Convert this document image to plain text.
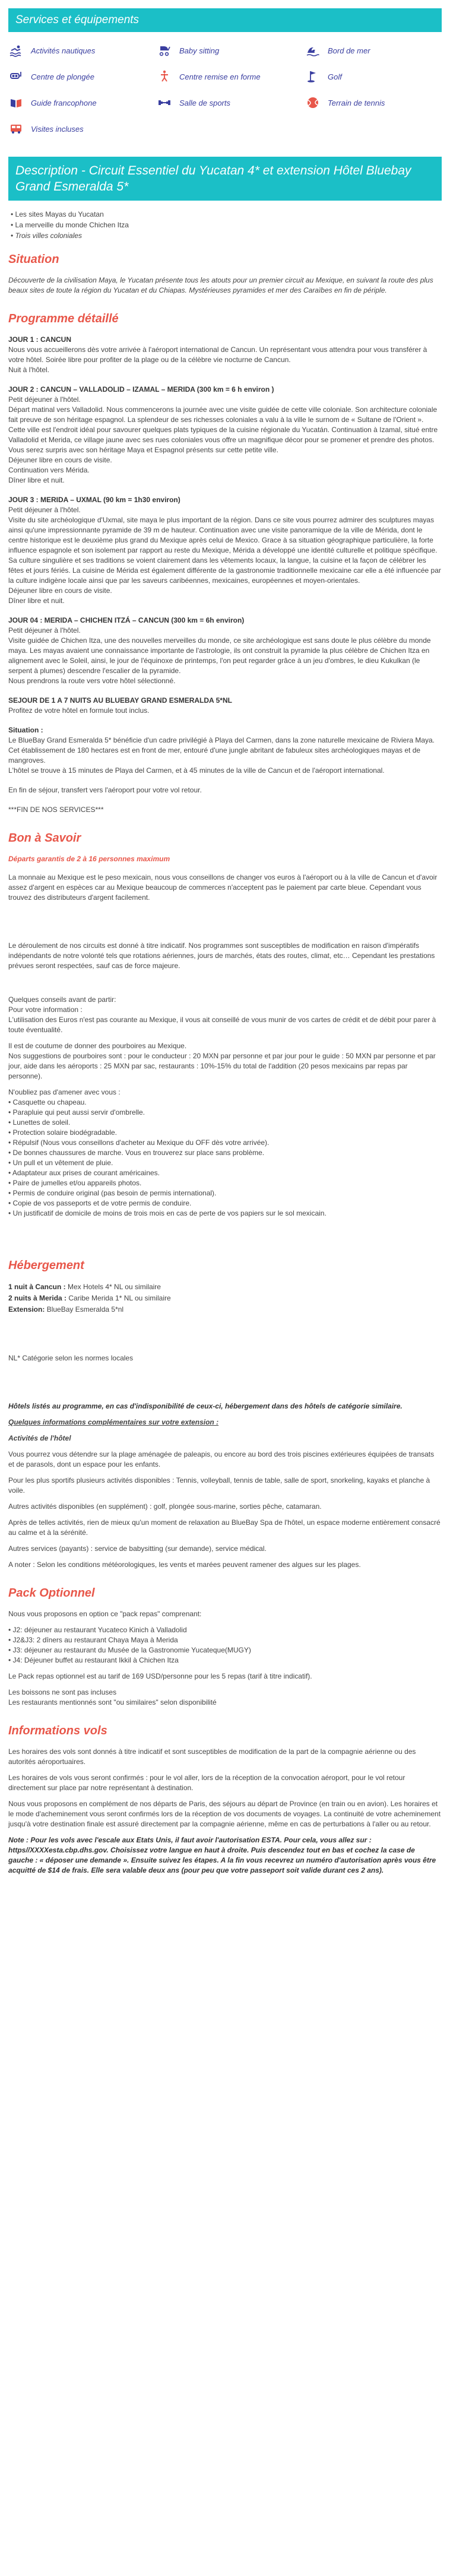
Services et équipements
Activités nautiques	Baby sitting	Bord de mer
Centre de plongée	Centre remise en forme	Golf
Guide francophone	Salle de sports	Terrain de tennis
Visites incluses
Description - Circuit Essentiel du Yucatan 4* et extension Hôtel Bluebay Grand Esmeralda 5*
• Les sites Mayas du Yucatan
• La merveille du monde Chichen Itza
• Trois villes coloniales
Situation

Découverte de la civilisation Maya, le Yucatan présente tous les atouts pour un premier circuit au Mexique, en suivant la route des plus beaux sites de toute la région du Yucatan et du Chiapas. Mystérieuses pyramides et mer des Caraïbes en fin de périple.

Programme détaillé

JOUR 1 : CANCUN

Nous vous accueillerons dès votre arrivée à l'aéroport international de Cancun. Un représentant vous attendra pour vous transférer à votre hôtel. Soirée libre pour profiter de la plage ou de la célèbre vie nocturne de Cancun.

Nuit à l'hôtel.

JOUR 2 : CANCUN – VALLADOLID – IZAMAL – MERIDA (300 km = 6 h environ )

Petit déjeuner à l'hôtel.

Départ matinal vers Valladolid. Nous commencerons la journée avec une visite guidée de cette ville coloniale. Son architecture coloniale fait preuve de son héritage espagnol. La splendeur de ses richesses coloniales a valu à la ville le surnom de « Sultane de l'Orient ». Cette ville est l'endroit idéal pour savourer quelques plats typiques de la cuisine régionale du Yucatán. Continuation à Izamal, situé entre Valladolid et Merida, ce village jaune avec ses rues coloniales vous offre un magnifique décor pour se promener et prendre des photos. Vous serez surpris avec son héritage Maya et Espagnol présents sur cette petite ville.

Déjeuner libre en cours de visite.

Continuation vers Mérida.

Dîner libre et nuit.

JOUR 3 : MERIDA – UXMAL (90 km = 1h30 environ)

Petit déjeuner à l'hôtel.

Visite du site archéologique d'Uxmal, site maya le plus important de la région. Dans ce site vous pourrez admirer des sculptures mayas ainsi qu'une impressionnante pyramide de 39 m de hauteur. Continuation avec une visite panoramique de la ville de Mérida, dont le centre historique est le deuxième plus grand du Mexique après celui de Mexico. Grace à sa situation géographique particulière, la forte influence espagnole et son isolement par rapport au reste du Mexique, Mérida a développé une identité culturelle et politique spécifique. Sa culture singulière et ses traditions se voient clairement dans les vêtements locaux, la langue, la cuisine et la façon de célébrer les fêtes et jours fériés. La cuisine de Mérida est également différente de la gastronomie traditionnelle mexicaine car elle a été influencée par la culture indigène locale ainsi que par les saveurs caribéennes, mexicaines, européennes et moyen-orientales.

Déjeuner libre en cours de visite.

Dîner libre et nuit.

JOUR 04 : MERIDA – CHICHEN ITZÁ – CANCUN (300 km = 6h environ)

Petit déjeuner à l'hôtel.

Visite guidée de Chichen Itza, une des nouvelles merveilles du monde, ce site archéologique est sans doute le plus célèbre du monde maya. Les mayas avaient une connaissance importante de l'astrologie, ils ont construit la pyramide la plus célèbre de Chichen Itza en alignement avec le Soleil, ainsi, le jour de l'équinoxe de printemps, l'on peut regarder grâce à un jeu d'ombres, le dieu Kukulkan (le serpent à plumes) descendre l'escalier de la pyramide.

Nous prendrons la route vers votre hôtel sélectionné.

SEJOUR DE 1 A 7 NUITS AU BLUEBAY GRAND ESMERALDA 5*NL

Profitez de votre hôtel en formule tout inclus.

Situation :

Le BlueBay Grand Esmeralda 5* bénéficie d'un cadre privilégié à Playa del Carmen, dans la zone naturelle mexicaine de Riviera Maya.

Cet établissement de 180 hectares est en front de mer, entouré d'une jungle abritant de fabuleux sites archéologiques mayas et de mangroves.

L'hôtel se trouve à 15 minutes de Playa del Carmen, et à 45 minutes de la ville de Cancun et de l'aéroport international.

En fin de séjour, transfert vers l'aéroport pour votre vol retour.

***FIN DE NOS SERVICES***

Bon à Savoir

Départs garantis de 2 à 16 personnes maximum

La monnaie au Mexique est le peso mexicain, nous vous conseillons de changer vos euros à l'aéroport ou à la ville de Cancun et d'avoir assez d'argent en espèces car au Mexique beaucoup de commerces n'acceptent pas le paiement par carte bleue. Cependant vous trouvez des distributeurs d'argent facilement.

Le déroulement de nos circuits est donné à titre indicatif. Nos programmes sont susceptibles de modification en raison d'impératifs indépendants de notre volonté tels que rotations aériennes, jours de marchés, états des routes, climat, etc… Cependant les prestations prévues seront respectées, sauf cas de force majeure.

Quelques conseils avant de partir:

Pour votre information :

L'utilisation des Euros n'est pas courante au Mexique, il vous ait conseillé de vous munir de vos cartes de crédit et de débit pour parer à toute éventualité.

Il est de coutume de donner des pourboires au Mexique.

Nos suggestions de pourboires sont : pour le conducteur : 20 MXN par personne et par jour pour le guide : 50 MXN par personne et par jour, aide dans les aéroports : 25 MXN par sac, restaurants : 10%-15% du total de l'addition (20 pesos mexicains par repas par personne).

N'oubliez pas d'amener avec vous :

• Casquette ou chapeau.
• Parapluie qui peut aussi servir d'ombrelle.
• Lunettes de soleil.
• Protection solaire biodégradable.
• Répulsif (Nous vous conseillons d'acheter au Mexique du OFF dès votre arrivée).
• De bonnes chaussures de marche. Vous en trouverez sur place sans problème.
• Un pull et un vêtement de pluie.
• Adaptateur aux prises de courant américaines.
• Paire de jumelles et/ou appareils photos.
• Permis de conduire original (pas besoin de permis international).
• Copie de vos passeports et de votre permis de conduire.
• Un justificatif de domicile de moins de trois mois en cas de perte de vos papiers sur le sol mexicain.
Hébergement

1 nuit à Cancun : Mex Hotels 4* NL ou similaire

2 nuits à Merida : Caribe Merida 1* NL ou similaire

Extension: BlueBay Esmeralda 5*nl

NL* Catégorie selon les normes locales

Hôtels listés au programme, en cas d'indisponibilité de ceux-ci, hébergement dans des hôtels de catégorie similaire.

Quelques informations complémentaires sur votre extension :

Activités de l'hôtel

Vous pourrez vous détendre sur la plage aménagée de paleapis, ou encore au bord des trois piscines extérieures équipées de transats et de parasols, dont un espace pour les enfants.

Pour les plus sportifs plusieurs activités disponibles : Tennis, volleyball, tennis de table, salle de sport, snorkeling, kayaks et planche à voile.

Autres activités disponibles (en supplément) : golf, plongée sous-marine, sorties pêche, catamaran.

Après de telles activités, rien de mieux qu'un moment de relaxation au BlueBay Spa de l'hôtel, un espace moderne entièrement consacré au calme et à la sérénité.

Autres services (payants) : service de babysitting (sur demande), service médical.

A noter : Selon les conditions météorologiques, les vents et marées peuvent ramener des algues sur les plages.

Pack Optionnel

Nous vous proposons en option ce "pack repas" comprenant:

• J2: déjeuner au restaurant Yucateco Kinich à Valladolid
• J2&J3: 2 dîners au restaurant Chaya Maya à Merida
• J3: déjeuner au restaurant du Musée de la Gastronomie Yucateque(MUGY)
• J4: Déjeuner buffet au restaurant Ikkil à Chichen Itza

Le Pack repas optionnel est au tarif de 169 USD/personne pour les 5 repas (tarif à titre indicatif).

Les boissons ne sont pas incluses

Les restaurants mentionnés sont "ou similaires" selon disponibilité

Informations vols

Les horaires des vols sont donnés à titre indicatif et sont susceptibles de modification de la part de la compagnie aérienne ou des autorités aéroportuaires.

Les horaires de vols vous seront confirmés : pour le vol aller, lors de la réception de la convocation aéroport, pour le vol retour directement sur place par notre représentant à destination.

Nous vous proposons en complément de nos départs de Paris, des séjours au départ de Province (en train ou en avion). Les horaires et le mode d'acheminement vous seront confirmés lors de la réception de vos documents de voyages. La continuité de votre acheminement jusqu'à votre destination finale est assuré directement par la compagnie aérienne, même en cas de perturbations à l'aller ou au retour.

Note : Pour les vols avec l'escale aux Etats Unis, il faut avoir l'autorisation ESTA. Pour cela, vous allez sur : https//XXXXesta.cbp.dhs.gov. Choisissez votre langue en haut à droite. Puis descendez tout en bas et cochez la case de gauche : « déposer une demande ». Ensuite suivez les étapes. A la fin vous recevrez un numéro d'autorisation après vous être acquitté de $14 de frais. Elle sera valable deux ans (pour peu que votre passeport soit valide durant ces 2 ans).
